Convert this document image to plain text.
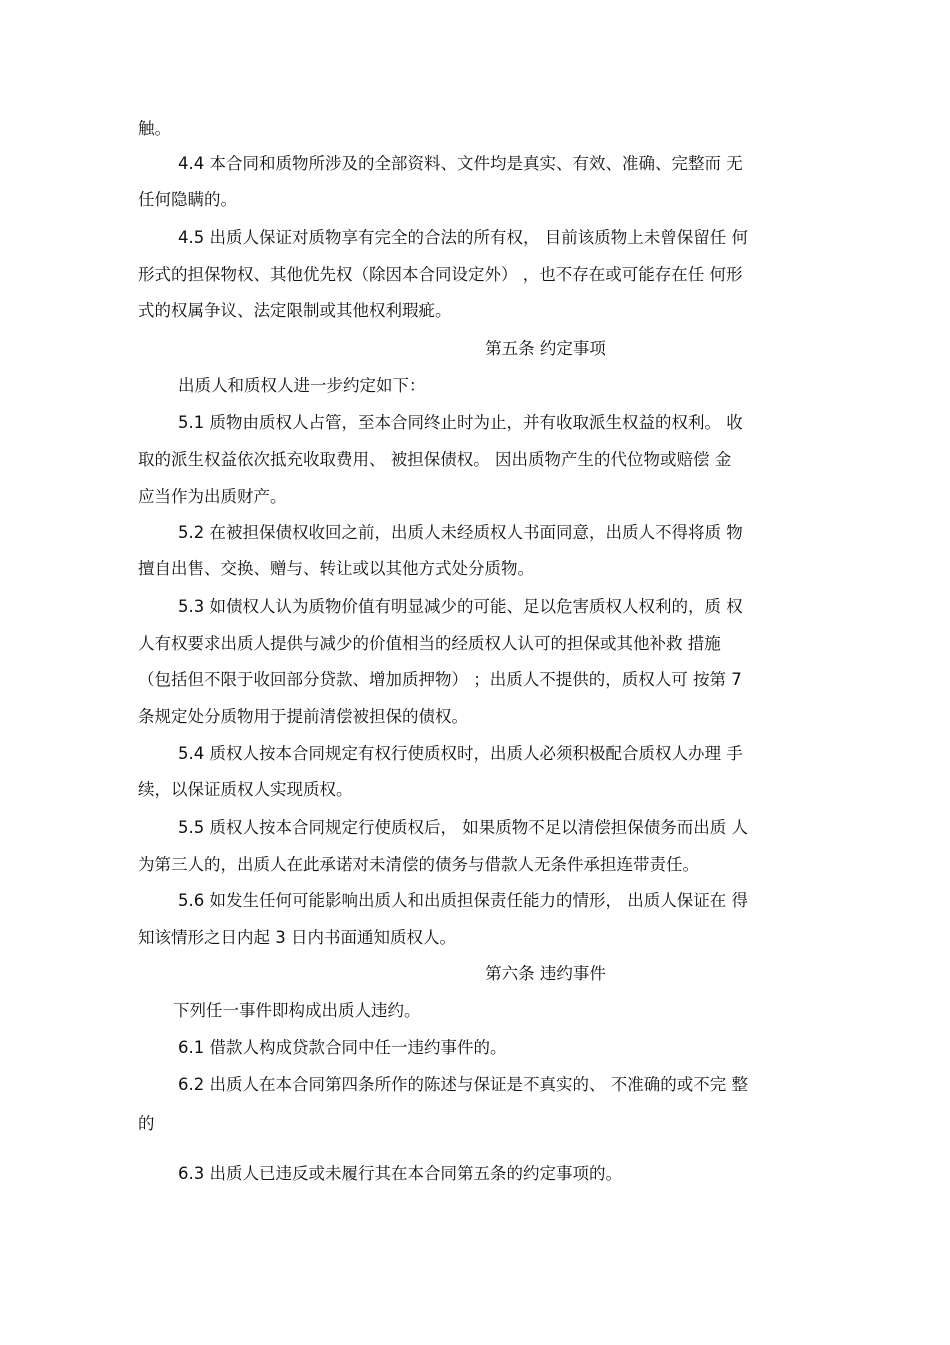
触。
4.4 本合同和质物所涉及的全部资料、文件均是真实、有效、准确、完整而 无
任何隐瞒的。
4.5 出质人保证对质物享有完全的合法的所有权， 目前该质物上未曾保留任 何
形式的担保物权、其他优先权（除因本合同设定外） ，也不存在或可能存在任 何形
式的权属争议、法定限制或其他权利瑕疵。
第五条 约定事项
出质人和质权人进一步约定如下：
5.1 质物由质权人占管，至本合同终止时为止，并有收取派生权益的权利。 收
取的派生权益依次抵充收取费用、 被担保债权。 因出质物产生的代位物或赔偿 金
应当作为出质财产。
5.2 在被担保债权收回之前，出质人未经质权人书面同意，出质人不得将质 物
擅自出售、交换、赠与、转让或以其他方式处分质物。
5.3 如债权人认为质物价值有明显减少的可能、足以危害质权人权利的，质 权
人有权要求出质人提供与减少的价值相当的经质权人认可的担保或其他补救 措施
（包括但不限于收回部分贷款、增加质押物） ；出质人不提供的，质权人可 按第 7
条规定处分质物用于提前清偿被担保的债权。
5.4 质权人按本合同规定有权行使质权时，出质人必须积极配合质权人办理 手
续，以保证质权人实现质权。
5.5 质权人按本合同规定行使质权后， 如果质物不足以清偿担保债务而出质 人
为第三人的，出质人在此承诺对未清偿的债务与借款人无条件承担连带责任。
5.6 如发生任何可能影响出质人和出质担保责任能力的情形， 出质人保证在 得
知该情形之日内起 3 日内书面通知质权人。
第六条 违约事件
下列任一事件即构成出质人违约。
6.1 借款人构成贷款合同中任一违约事件的。
6.2 出质人在本合同第四条所作的陈述与保证是不真实的、 不准确的或不完 整
的
6.3 出质人已违反或未履行其在本合同第五条的约定事项的。
